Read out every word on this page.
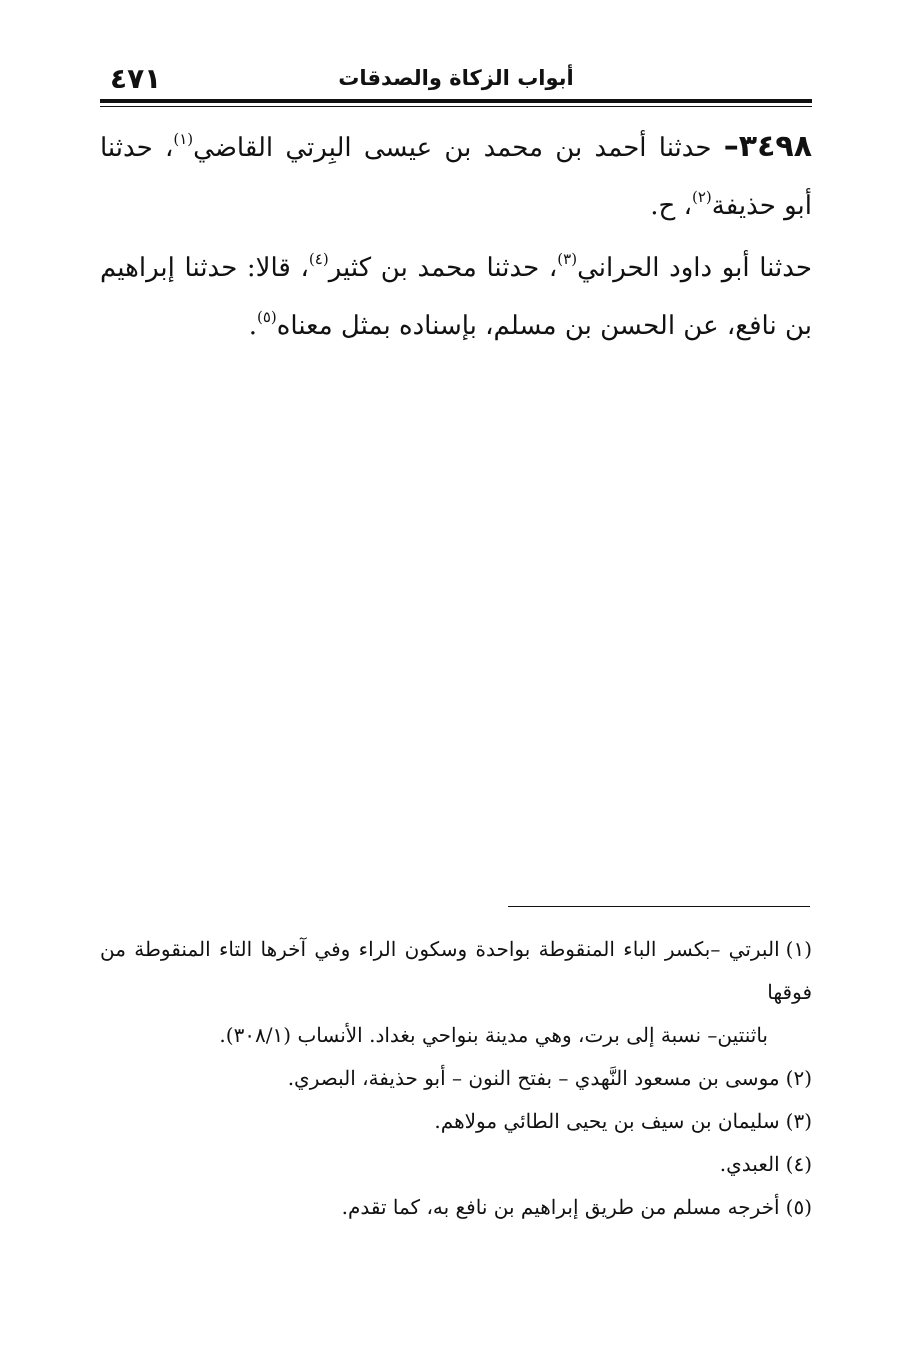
أبواب الزكاة والصدقات
٤٧١

٣٤٩٨– حدثنا أحمد بن محمد بن عيسى البِرتي القاضي$^{(١)}$، حدثنا أبو حذيفة$^{(٢)}$، ح.

حدثنا أبو داود الحراني$^{(٣)}$، حدثنا محمد بن كثير$^{(٤)}$، قالا: حدثنا إبراهيم بن نافع، عن الحسن بن مسلم، بإسناده بمثل معناه$^{(٥)}$.

(١)البرتي –بكسر الباء المنقوطة بواحدة وسكون الراء وفي آخرها التاء المنقوطة من فوقها
باثنتين– نسبة إلى برت، وهي مدينة بنواحي بغداد. الأنساب (٣٠٨/١).

(٢)موسى بن مسعود النَّهدي – بفتح النون – أبو حذيفة، البصري.

(٣)سليمان بن سيف بن يحيى الطائي مولاهم.

(٤)العبدي.

(٥)أخرجه مسلم من طريق إبراهيم بن نافع به، كما تقدم.
